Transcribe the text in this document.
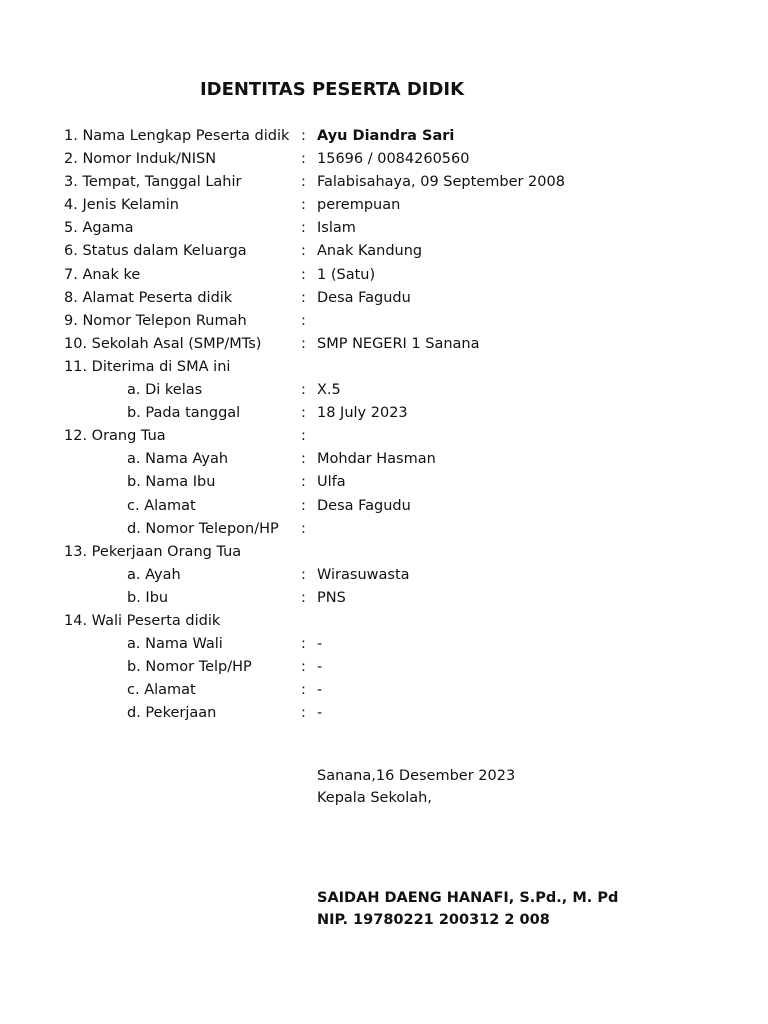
IDENTITAS PESERTA DIDIK
1. Nama Lengkap Peserta didik : Ayu Diandra Sari
2. Nomor Induk/NISN	: 15696 / 0084260560
3. Tempat, Tanggal Lahir	: Falabisahaya, 09 September 2008
4. Jenis Kelamin	: perempuan
5. Agama	: Islam
6. Status dalam Keluarga	: Anak Kandung
7. Anak ke	: 1 (Satu)
8. Alamat Peserta didik	: Desa Fagudu
9. Nomor Telepon Rumah	:
10. Sekolah Asal (SMP/MTs)	: SMP NEGERI 1 Sanana
11. Diterima di SMA ini
a. Di kelas	: X.5
b. Pada tanggal	: 18 July 2023
12. Orang Tua	:
a. Nama Ayah	: Mohdar Hasman
b. Nama Ibu	: Ulfa
c. Alamat	: Desa Fagudu
d. Nomor Telepon/HP :
13. Pekerjaan Orang Tua
a. Ayah	: Wirasuwasta
b. Ibu	: PNS
14. Wali Peserta didik
a. Nama Wali	: -
b. Nomor Telp/HP	: -
c. Alamat	: -
d. Pekerjaan	: -
Sanana,16 Desember 2023
Kepala Sekolah,
SAIDAH DAENG HANAFI, S.Pd., M. Pd
NIP. 19780221 200312 2 008
